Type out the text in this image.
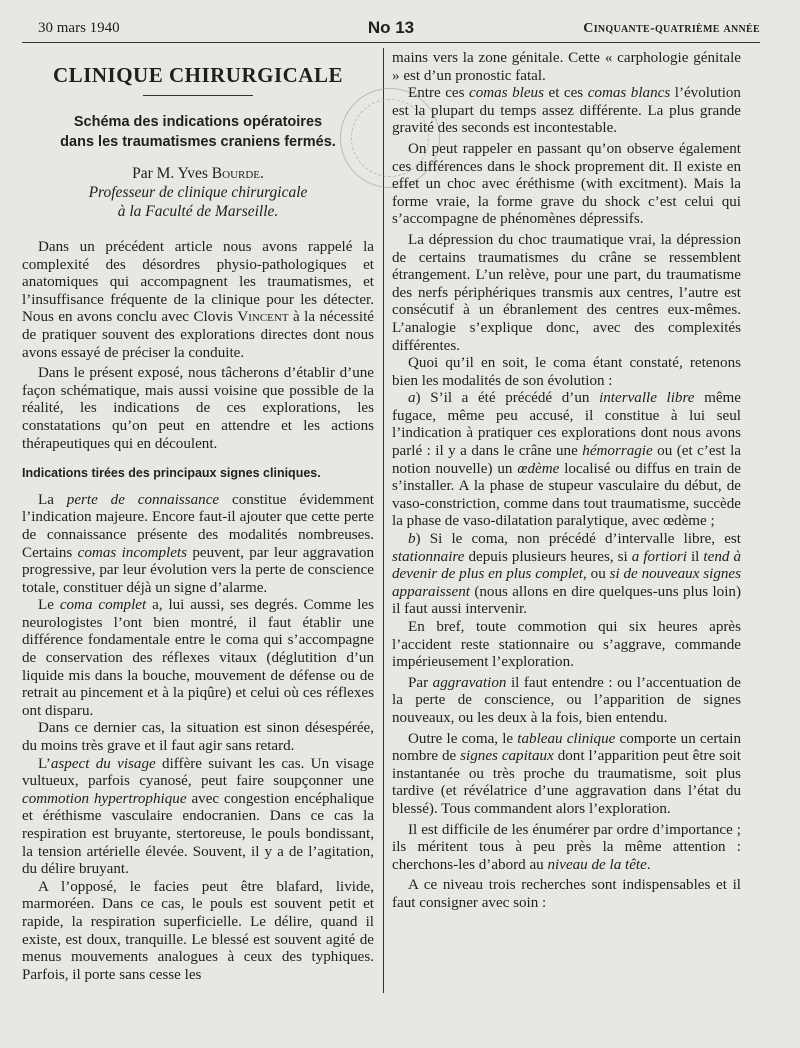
30 mars 1940	No 13	Cinquante-quatrième année
CLINIQUE CHIRURGICALE
Schéma des indications opératoires
dans les traumatismes craniens fermés.
Par M. Yves Bourde.
Professeur de clinique chirurgicale
à la Faculté de Marseille.

Dans un précédent article nous avons rappelé la complexité des désordres physio-pathologiques et anatomiques qui accompagnent les traumatismes, et l’insuffisance fréquente de la clinique pour les détecter. Nous en avons conclu avec Clovis Vincent à la nécessité de pratiquer souvent des explorations directes dont nous avons essayé de préciser la conduite.

Dans le présent exposé, nous tâcherons d’établir d’une façon schématique, mais aussi voisine que possible de la réalité, les indications de ces explorations, les constatations qu’on peut en attendre et les actions thérapeutiques qui en découlent.

Indications tirées des principaux signes cliniques.

La perte de connaissance constitue évidemment l’indication majeure. Encore faut-il ajouter que cette perte de connaissance présente des modalités nombreuses. Certains comas incomplets peuvent, par leur aggravation progressive, par leur évolution vers la perte de conscience totale, constituer déjà un signe d’alarme.

Le coma complet a, lui aussi, ses degrés. Comme les neurologistes l’ont bien montré, il faut établir une différence fondamentale entre le coma qui s’accompagne de conservation des réflexes vitaux (déglutition d’un liquide mis dans la bouche, mouvement de défense ou de retrait au pincement et à la piqûre) et celui où ces réflexes ont disparu.

Dans ce dernier cas, la situation est sinon désespérée, du moins très grave et il faut agir sans retard.

L’aspect du visage diffère suivant les cas. Un visage vultueux, parfois cyanosé, peut faire soupçonner une commotion hypertrophique avec congestion encéphalique et éréthisme vasculaire endocranien. Dans ce cas la respiration est bruyante, stertoreuse, le pouls bondissant, la tension artérielle élevée. Souvent, il y a de l’agitation, du délire bruyant.

A l’opposé, le facies peut être blafard, livide, marmoréen. Dans ce cas, le pouls est souvent petit et rapide, la respiration superficielle. Le délire, quand il existe, est doux, tranquille. Le blessé est souvent agité de menus mouvements analogues à ceux des typhiques. Parfois, il porte sans cesse les

mains vers la zone génitale. Cette « carphologie génitale » est d’un pronostic fatal.

Entre ces comas bleus et ces comas blancs l’évolution est la plupart du temps assez différente. La plus grande gravité des seconds est incontestable.

On peut rappeler en passant qu’on observe également ces différences dans le shock proprement dit. Il existe en effet un choc avec éréthisme (with excitment). Mais la forme vraie, la forme grave du shock c’est celui qui s’accompagne de phénomènes dépressifs.

La dépression du choc traumatique vrai, la dépression de certains traumatismes du crâne se ressemblent étrangement. L’un relève, pour une part, du traumatisme des nerfs périphériques transmis aux centres, l’autre est consécutif à un ébranlement des centres eux-mêmes. L’analogie s’explique donc, avec des complexités différentes.

Quoi qu’il en soit, le coma étant constaté, retenons bien les modalités de son évolution :

a) S’il a été précédé d’un intervalle libre même fugace, même peu accusé, il constitue à lui seul l’indication à pratiquer ces explorations dont nous avons parlé : il y a dans le crâne une hémorragie ou (et c’est la notion nouvelle) un œdème localisé ou diffus en train de s’installer. A la phase de stupeur vasculaire du début, de vaso-constriction, comme dans tout traumatisme, succède la phase de vaso-dilatation paralytique, avec œdème ;

b) Si le coma, non précédé d’intervalle libre, est stationnaire depuis plusieurs heures, si a fortiori il tend à devenir de plus en plus complet, ou si de nouveaux signes apparaissent (nous allons en dire quelques-uns plus loin) il faut aussi intervenir.

En bref, toute commotion qui six heures après l’accident reste stationnaire ou s’aggrave, commande impérieusement l’exploration.

Par aggravation il faut entendre : ou l’accentuation de la perte de conscience, ou l’apparition de signes nouveaux, ou les deux à la fois, bien entendu.

Outre le coma, le tableau clinique comporte un certain nombre de signes capitaux dont l’apparition peut être soit instantanée ou très proche du traumatisme, soit plus tardive (et révélatrice d’une aggravation dans l’état du blessé). Tous commandent alors l’exploration.

Il est difficile de les énumérer par ordre d’importance ; ils méritent tous à peu près la même attention : cherchons-les d’abord au niveau de la tête.

A ce niveau trois recherches sont indispensables et il faut consigner avec soin :
